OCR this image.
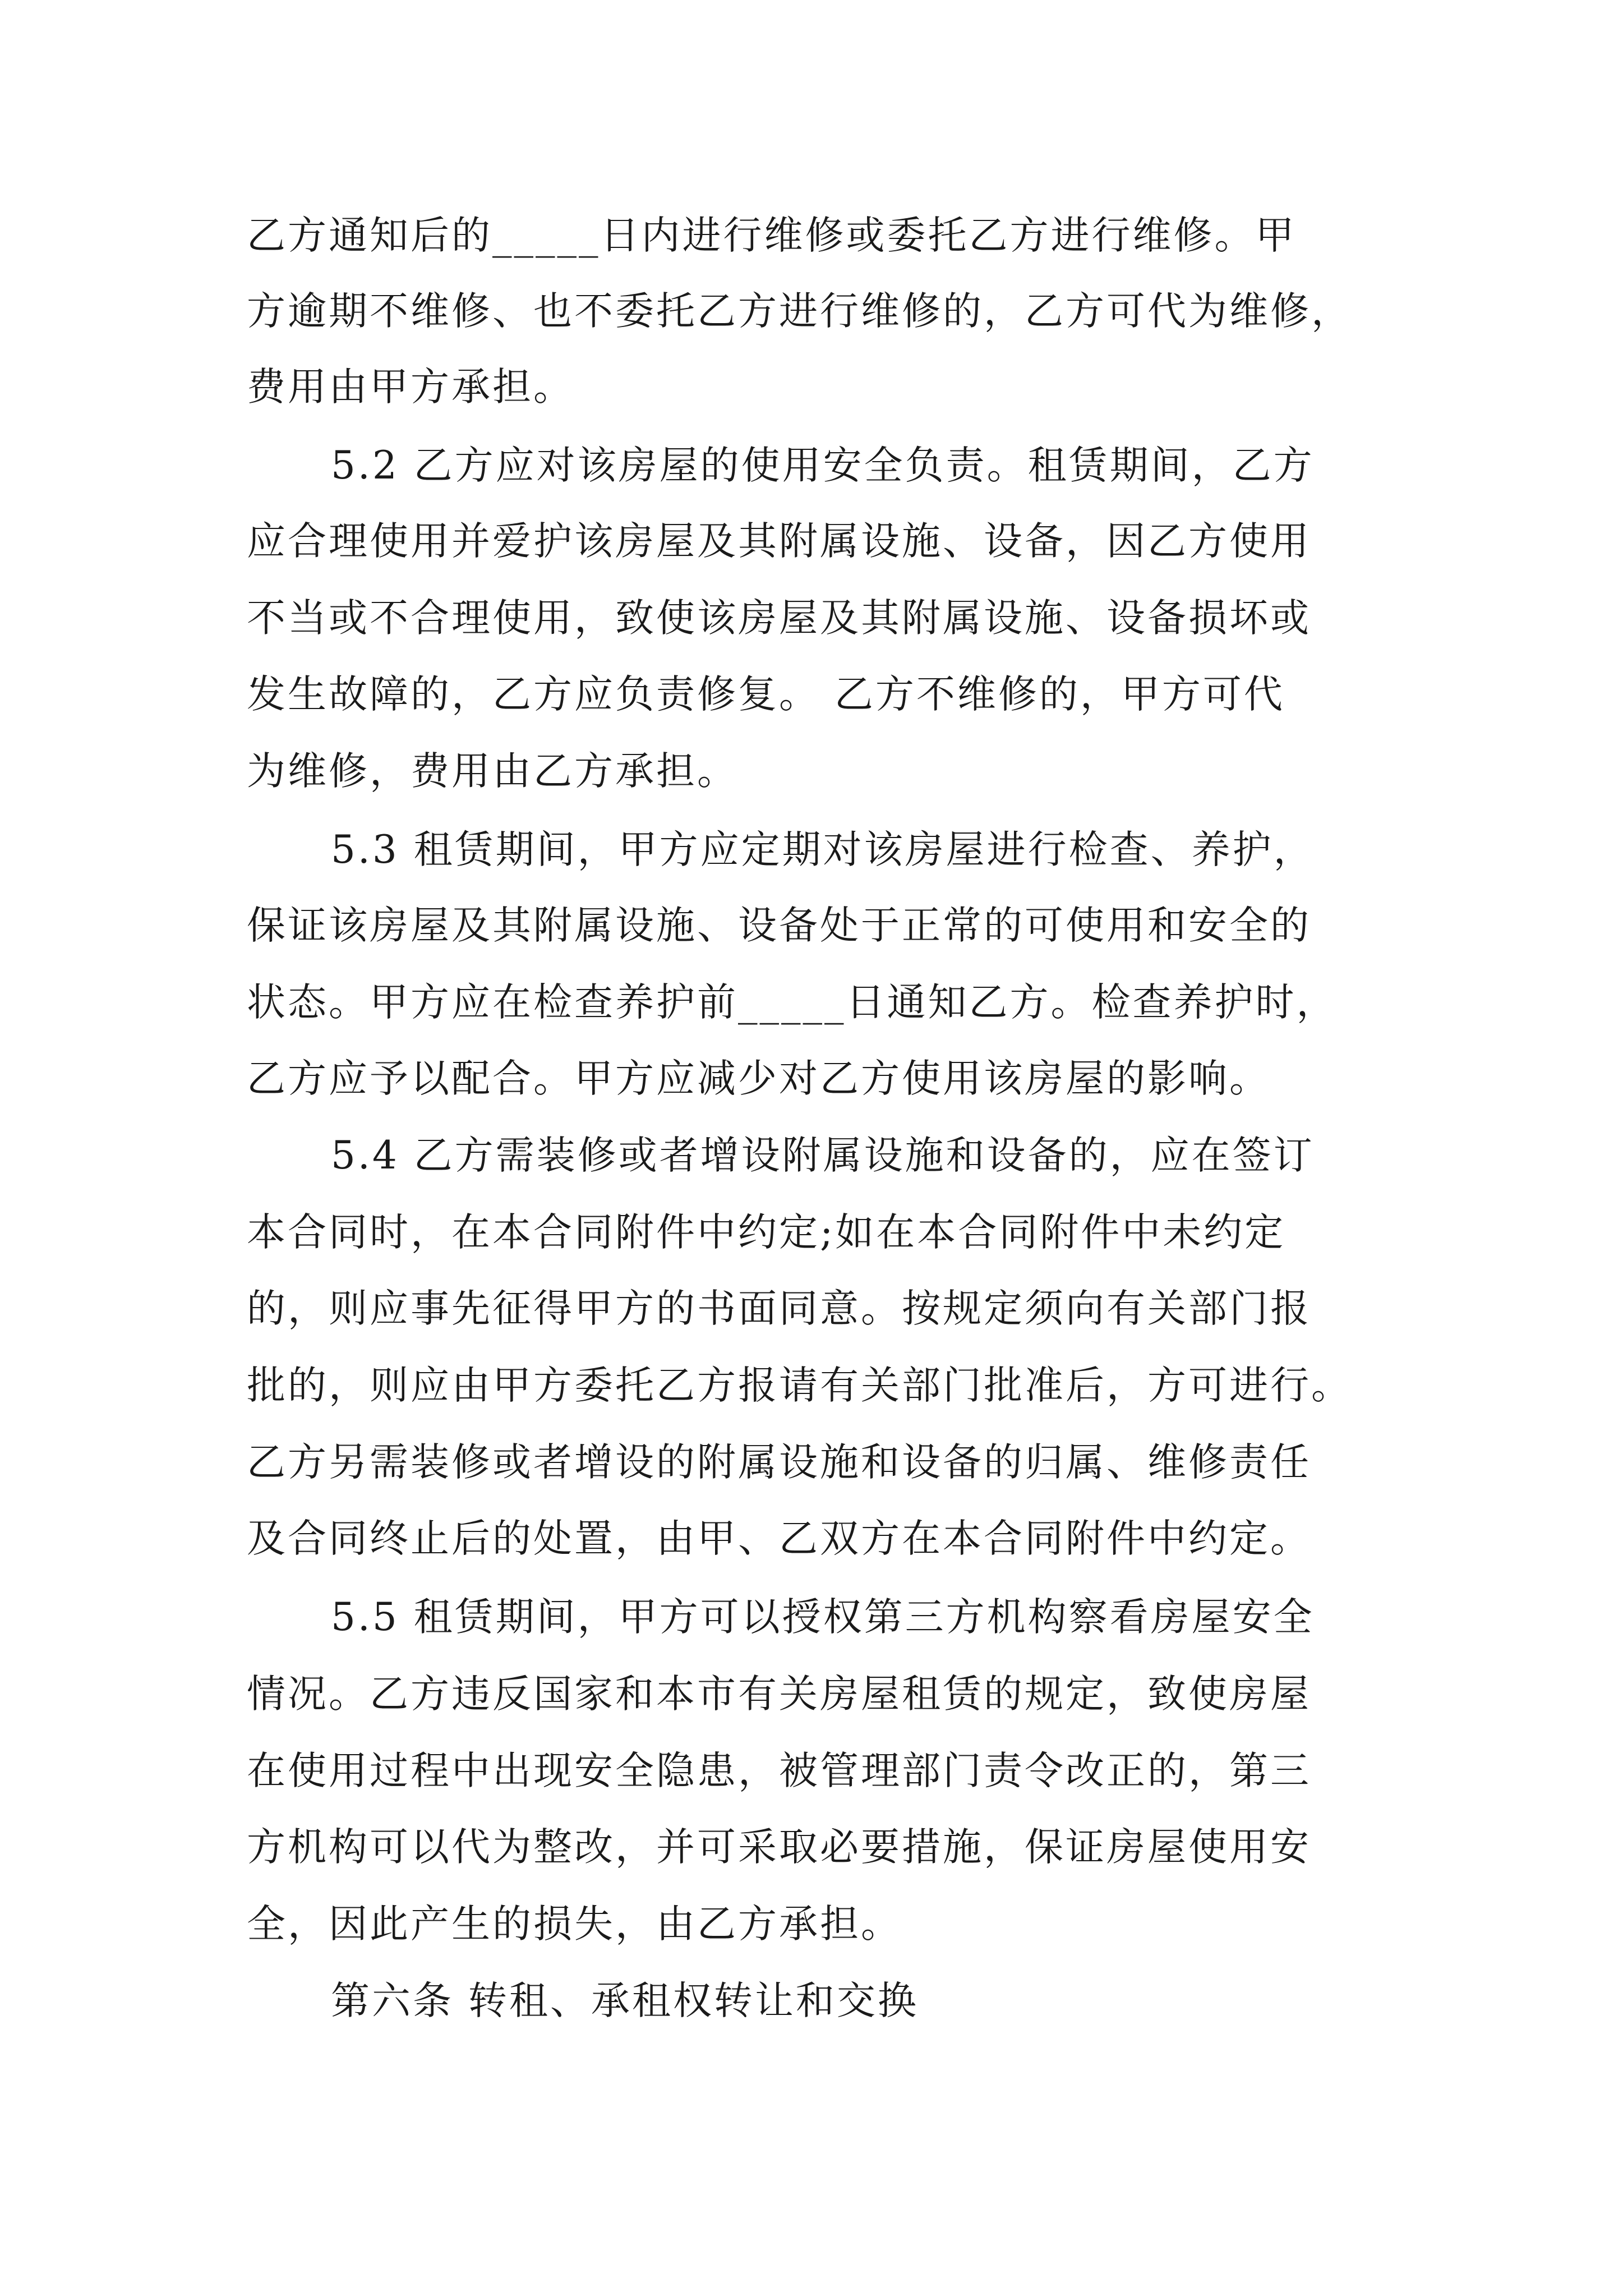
乙方通知后的_____日内进行维修或委托乙方进行维修。甲
方逾期不维修、也不委托乙方进行维修的，乙方可代为维修，
费用由甲方承担。
5.2 乙方应对该房屋的使用安全负责。租赁期间，乙方
应合理使用并爱护该房屋及其附属设施、设备，因乙方使用
不当或不合理使用，致使该房屋及其附属设施、设备损坏或
发生故障的，乙方应负责修复。 乙方不维修的，甲方可代
为维修，费用由乙方承担。
5.3 租赁期间，甲方应定期对该房屋进行检查、养护，
保证该房屋及其附属设施、设备处于正常的可使用和安全的
状态。甲方应在检查养护前_____日通知乙方。检查养护时，
乙方应予以配合。甲方应减少对乙方使用该房屋的影响。
5.4 乙方需装修或者增设附属设施和设备的，应在签订
本合同时，在本合同附件中约定;如在本合同附件中未约定
的，则应事先征得甲方的书面同意。按规定须向有关部门报
批的，则应由甲方委托乙方报请有关部门批准后，方可进行。
乙方另需装修或者增设的附属设施和设备的归属、维修责任
及合同终止后的处置，由甲、乙双方在本合同附件中约定。
5.5 租赁期间，甲方可以授权第三方机构察看房屋安全
情况。乙方违反国家和本市有关房屋租赁的规定，致使房屋
在使用过程中出现安全隐患，被管理部门责令改正的，第三
方机构可以代为整改，并可采取必要措施，保证房屋使用安
全，因此产生的损失，由乙方承担。
第六条 转租、承租权转让和交换
